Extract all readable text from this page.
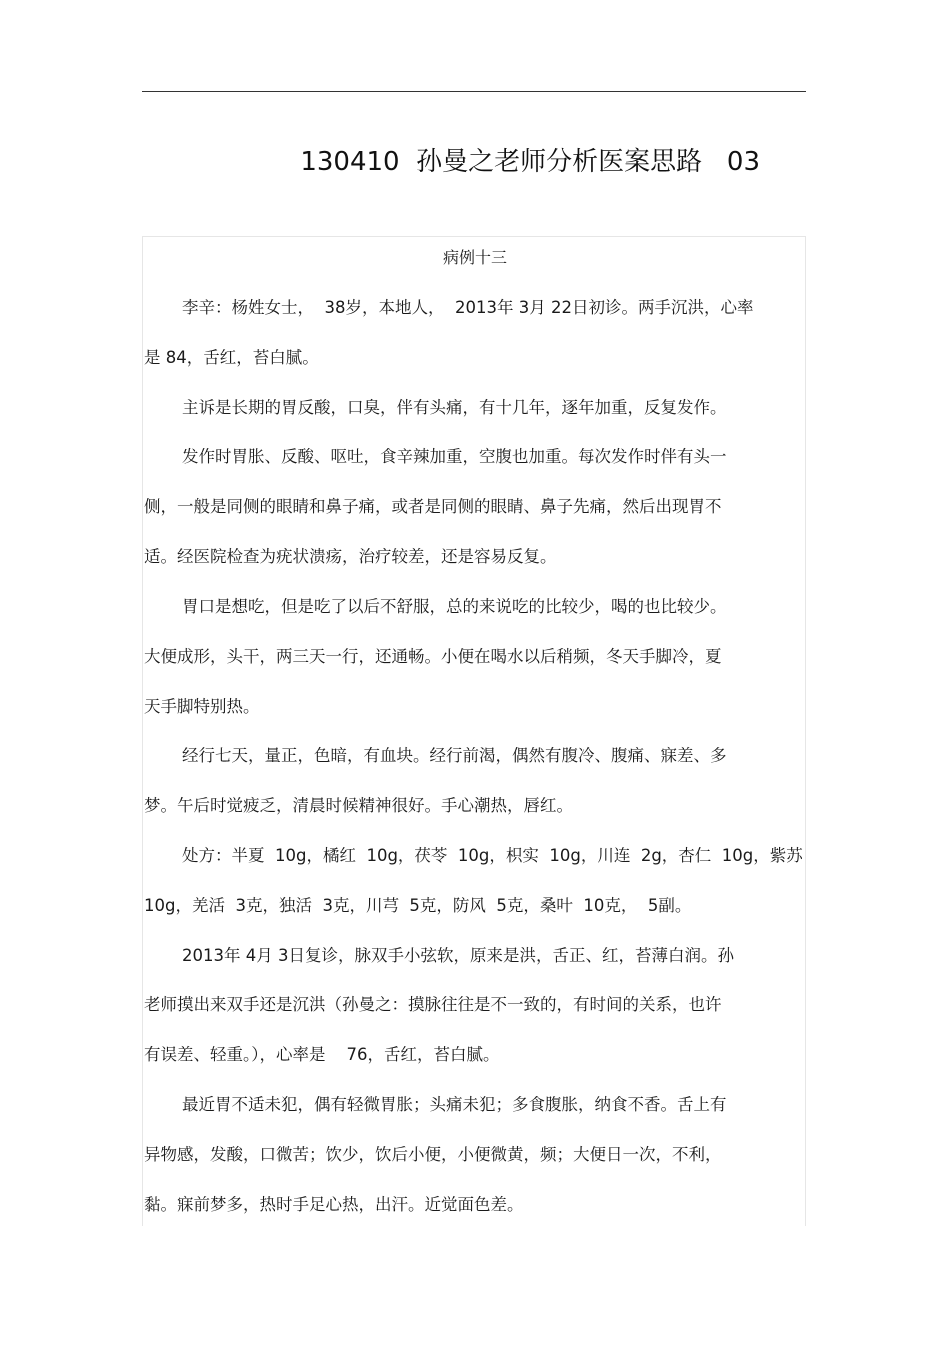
130410  孙曼之老师分析医案思路   03
病例十三
李辛：杨姓女士，  38岁，本地人，  2013年 3月 22日初诊。两手沉洪，心率
是 84，舌红，苔白腻。
主诉是长期的胃反酸，口臭，伴有头痛，有十几年，逐年加重，反复发作。
发作时胃胀、反酸、呕吐，食辛辣加重，空腹也加重。每次发作时伴有头一
侧，一般是同侧的眼睛和鼻子痛，或者是同侧的眼睛、鼻子先痛，然后出现胃不
适。经医院检查为疣状溃疡，治疗较差，还是容易反复。
胃口是想吃，但是吃了以后不舒服，总的来说吃的比较少，喝的也比较少。
大便成形，头干，两三天一行，还通畅。小便在喝水以后稍频，冬天手脚冷，夏
天手脚特别热。
经行七天，量正，色暗，有血块。经行前渴，偶然有腹冷、腹痛、寐差、多
梦。午后时觉疲乏，清晨时候精神很好。手心潮热，唇红。
处方：半夏  10g，橘红  10g，茯苓  10g，枳实  10g，川连  2g，杏仁  10g，紫苏
10g，羌活  3克，独活  3克，川芎  5克，防风  5克，桑叶  10克，  5副。
2013年 4月 3日复诊，脉双手小弦软，原来是洪，舌正、红，苔薄白润。孙
老师摸出来双手还是沉洪（孙曼之：摸脉往往是不一致的，有时间的关系，也许
有误差、轻重。），心率是    76，舌红，苔白腻。
最近胃不适未犯，偶有轻微胃胀；头痛未犯；多食腹胀，纳食不香。舌上有
异物感，发酸，口微苦；饮少，饮后小便，小便微黄，频；大便日一次，不利，
黏。寐前梦多，热时手足心热，出汗。近觉面色差。
